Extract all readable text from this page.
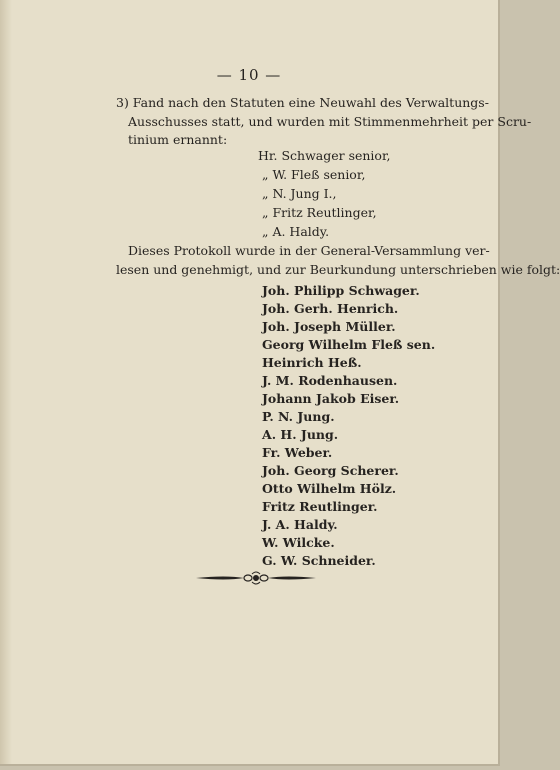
— 10 —
3) Fand nach den Statuten eine Neuwahl des Verwaltungs-
Ausschusses statt, und wurden mit Stimmenmehrheit per Scru-
tinium ernannt:
Hr. Schwager senior,
„ W. Fleß senior,
„ N. Jung I.,
„ Fritz Reutlinger,
„ A. Haldy.
Dieses Protokoll wurde in der General-Versammlung ver-
lesen und genehmigt, und zur Beurkundung unterschrieben wie folgt:
Joh. Philipp Schwager.
Joh. Gerh. Henrich.
Joh. Joseph Müller.
Georg Wilhelm Fleß sen.
Heinrich Heß.
J. M. Rodenhausen.
Johann Jakob Eiser.
P. N. Jung.
A. H. Jung.
Fr. Weber.
Joh. Georg Scherer.
Otto Wilhelm Hölz.
Fritz Reutlinger.
J. A. Haldy.
W. Wilcke.
G. W. Schneider.
